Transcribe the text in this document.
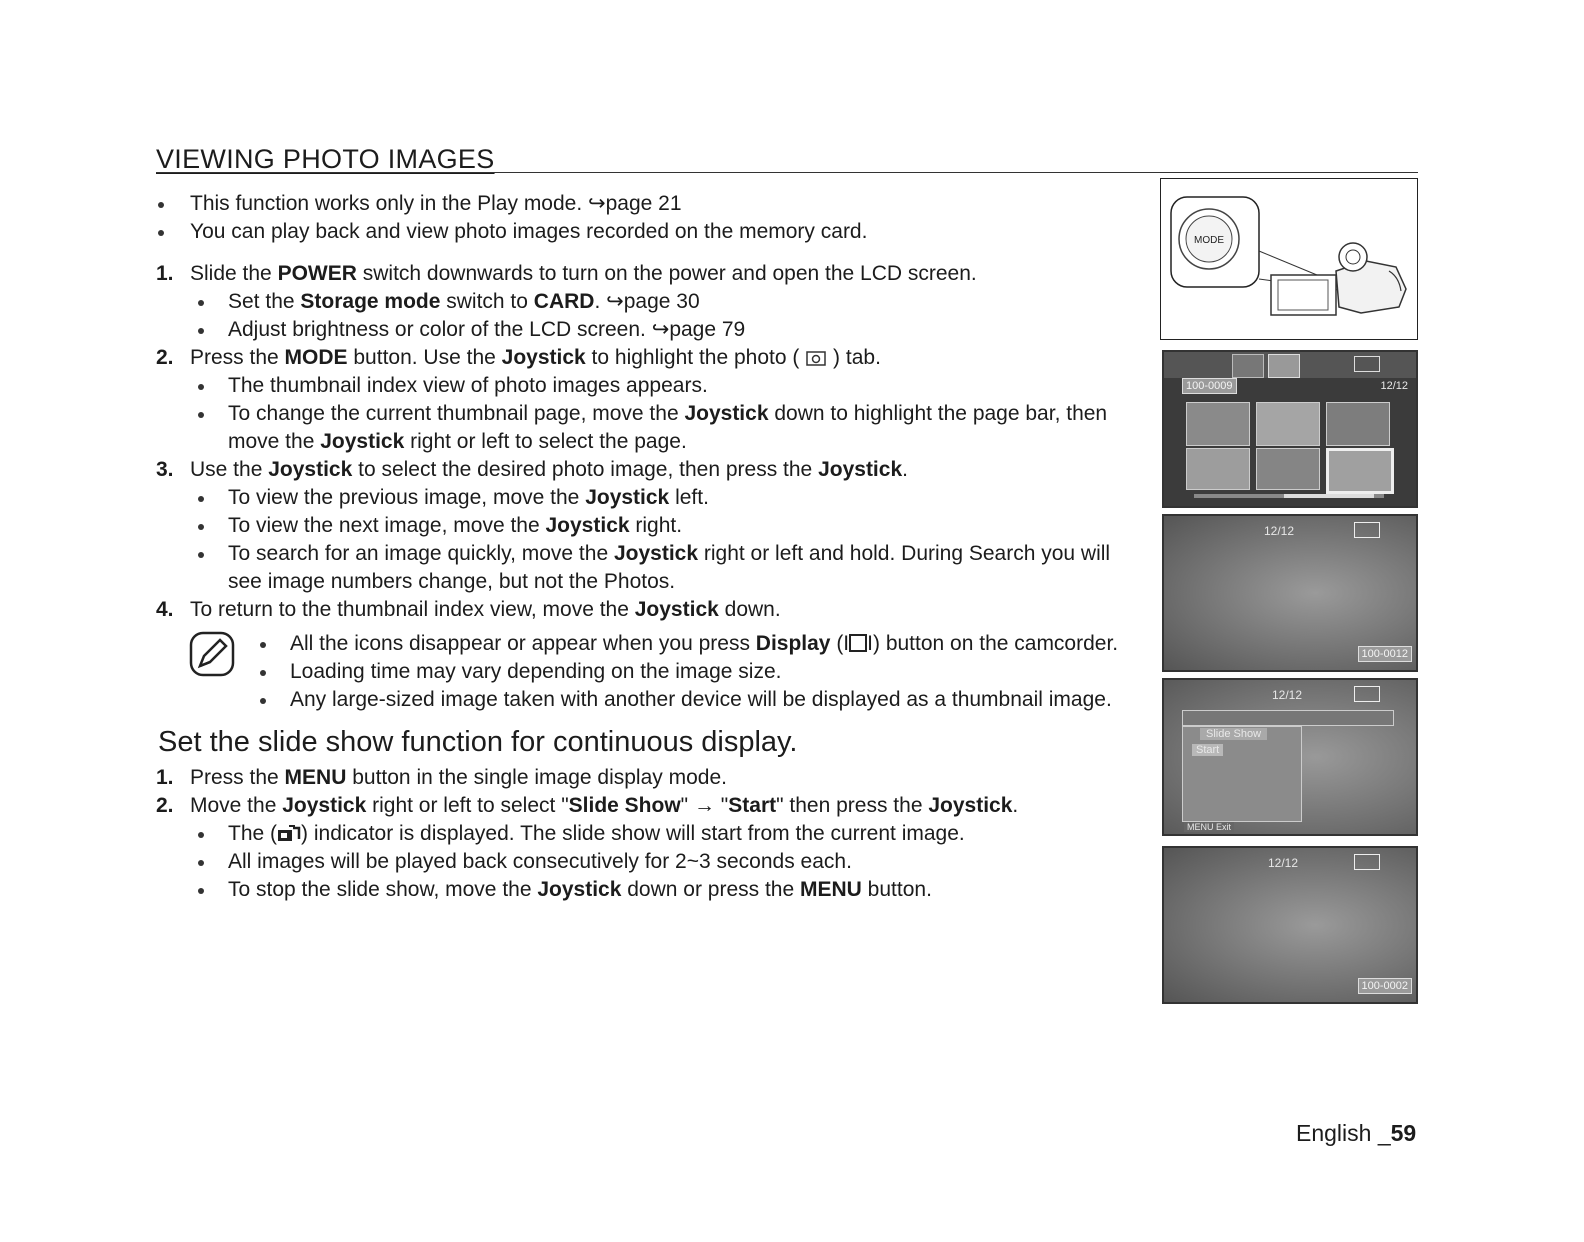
VIEWING PHOTO IMAGES

This function works only in the Play mode. ↪page 21

You can play back and view photo images recorded on the memory card.

1. Slide the POWER switch downwards to turn on the power and open the LCD screen.

Set the Storage mode switch to CARD. ↪page 30

Adjust brightness or color of the LCD screen. ↪page 79

2. Press the MODE button. Use the Joystick to highlight the photo (  ) tab.

The thumbnail index view of photo images appears.

To change the current thumbnail page, move the Joystick down to highlight the page bar, then move the Joystick right or left to select the page.

3. Use the Joystick to select the desired photo image, then press the Joystick.

To view the previous image, move the Joystick left.

To view the next image, move the Joystick right.

To search for an image quickly, move the Joystick right or left and hold. During Search you will see image numbers change, but not the Photos.

4. To return to the thumbnail index view, move the Joystick down.

All the icons disappear or appear when you press Display (I I) button on the camcorder.

Loading time may vary depending on the image size.

Any large-sized image taken with another device will be displayed as a thumbnail image.

Set the slide show function for continuous display.

1. Press the MENU button in the single image display mode.

2. Move the Joystick right or left to select "Slide Show" → "Start" then press the Joystick.

The ( ) indicator is displayed. The slide show will start from the current image.

All images will be played back consecutively for 2~3 seconds each.

To stop the slide show, move the Joystick down or press the MENU button.

MODE
100-0009	12/12
12/12
100-0012
12/12
Slide Show
Start
MENU Exit
12/12
100-0002
English _59
